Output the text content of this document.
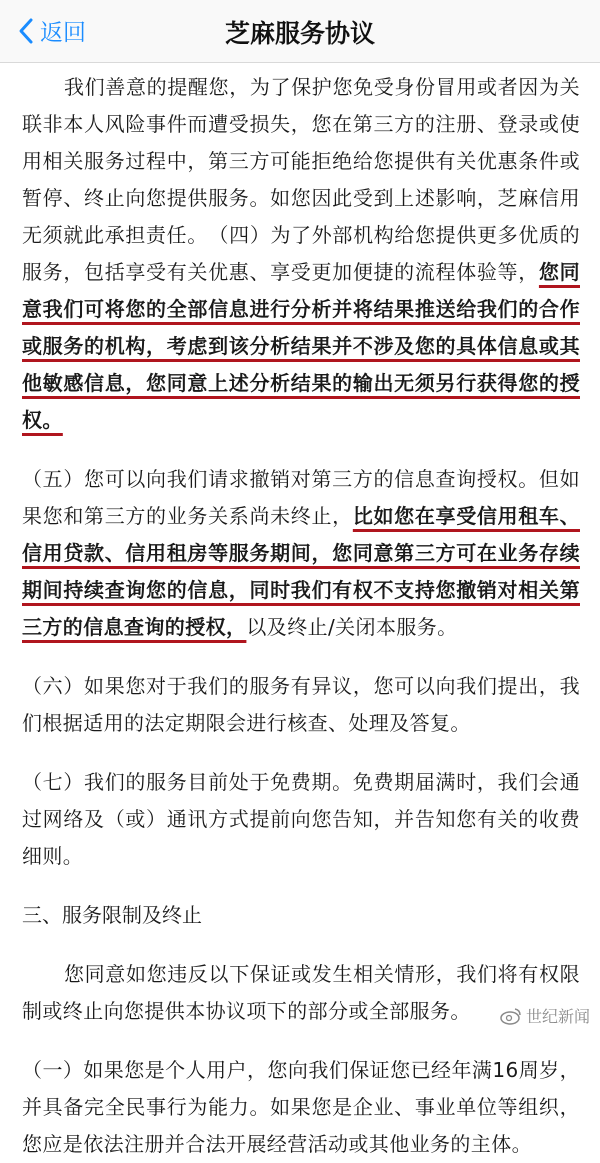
返回	芝麻服务协议

我们善意的提醒您，为了保护您免受身份冒用或者因为关联非本人风险事件而遭受损失，您在第三方的注册、登录或使用相关服务过程中，第三方可能拒绝给您提供有关优惠条件或暂停、终止向您提供服务。如您因此受到上述影响，芝麻信用无须就此承担责任。　（四）为了外部机构给您提供更多优质的服务，包括享受有关优惠、享受更加便捷的流程体验等，您同意我们可将您的全部信息进行分析并将结果推送给我们的合作或服务的机构，考虑到该分析结果并不涉及您的具体信息或其他敏感信息，您同意上述分析结果的输出无须另行获得您的授权。

（五）您可以向我们请求撤销对第三方的信息查询授权。但如果您和第三方的业务关系尚未终止，比如您在享受信用租车、信用贷款、信用租房等服务期间，您同意第三方可在业务存续期间持续查询您的信息，同时我们有权不支持您撤销对相关第三方的信息查询的授权，以及终止/关闭本服务。

（六）如果您对于我们的服务有异议，您可以向我们提出，我们根据适用的法定期限会进行核查、处理及答复。

（七）我们的服务目前处于免费期。免费期届满时，我们会通过网络及（或）通讯方式提前向您告知，并告知您有关的收费细则。

三、服务限制及终止

您同意如您违反以下保证或发生相关情形，我们将有权限制或终止向您提供本协议项下的部分或全部服务。

（一）如果您是个人用户，您向我们保证您已经年满16周岁，并具备完全民事行为能力。如果您是企业、事业单位等组织，您应是依法注册并合法开展经营活动或其他业务的主体。

世纪新闻
